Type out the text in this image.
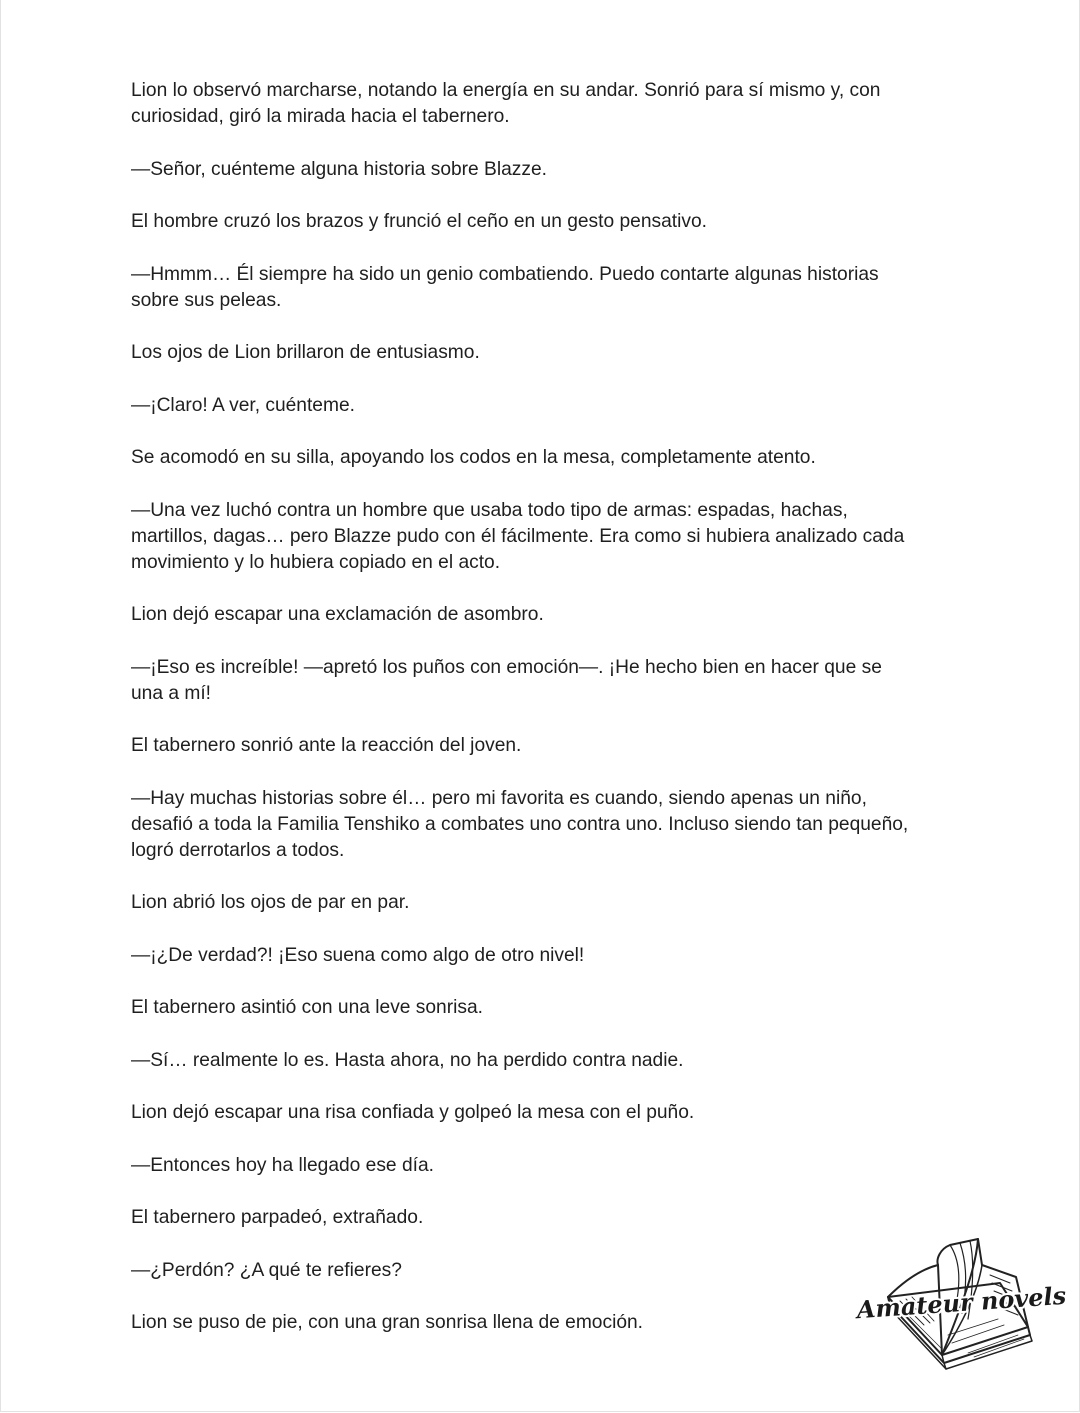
Lion lo observó marcharse, notando la energía en su andar. Sonrió para sí mismo y, con
curiosidad, giró la mirada hacia el tabernero.

—Señor, cuénteme alguna historia sobre Blazze.

El hombre cruzó los brazos y frunció el ceño en un gesto pensativo.

—Hmmm… Él siempre ha sido un genio combatiendo. Puedo contarte algunas historias
sobre sus peleas.

Los ojos de Lion brillaron de entusiasmo.

—¡Claro! A ver, cuénteme.

Se acomodó en su silla, apoyando los codos en la mesa, completamente atento.

—Una vez luchó contra un hombre que usaba todo tipo de armas: espadas, hachas,
martillos, dagas… pero Blazze pudo con él fácilmente. Era como si hubiera analizado cada
movimiento y lo hubiera copiado en el acto.

Lion dejó escapar una exclamación de asombro.

—¡Eso es increíble! —apretó los puños con emoción—. ¡He hecho bien en hacer que se
una a mí!

El tabernero sonrió ante la reacción del joven.

—Hay muchas historias sobre él… pero mi favorita es cuando, siendo apenas un niño,
desafió a toda la Familia Tenshiko a combates uno contra uno. Incluso siendo tan pequeño,
logró derrotarlos a todos.

Lion abrió los ojos de par en par.

—¡¿De verdad?! ¡Eso suena como algo de otro nivel!

El tabernero asintió con una leve sonrisa.

—Sí… realmente lo es. Hasta ahora, no ha perdido contra nadie.

Lion dejó escapar una risa confiada y golpeó la mesa con el puño.

—Entonces hoy ha llegado ese día.

El tabernero parpadeó, extrañado.

—¿Perdón? ¿A qué te refieres?

Lion se puso de pie, con una gran sonrisa llena de emoción.	Amateur novels
